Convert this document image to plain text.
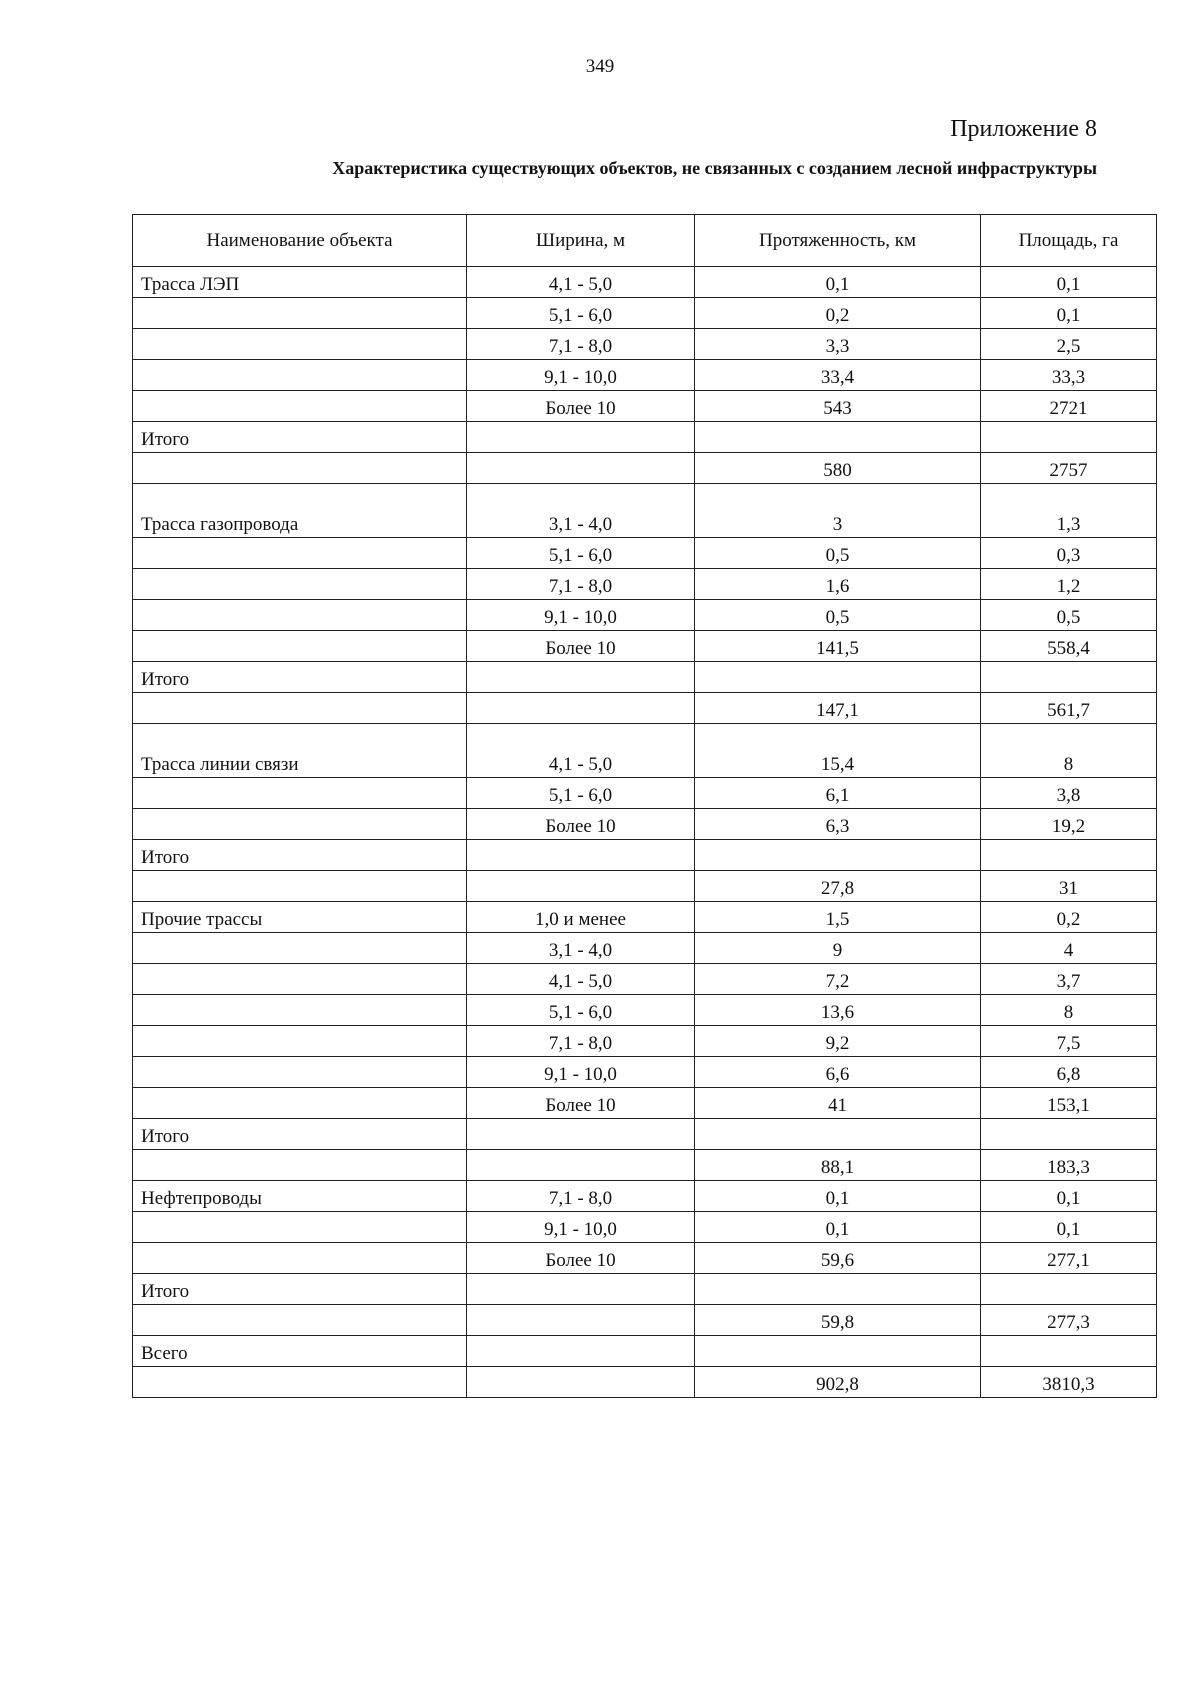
349
Приложение 8
Характеристика существующих объектов, не связанных с созданием лесной инфраструктуры
Наименование объекта	Ширина, м	Протяженность, км	Площадь, га
Трасса ЛЭП	4,1 - 5,0	0,1	0,1
	5,1 - 6,0	0,2	0,1
	7,1 - 8,0	3,3	2,5
	9,1 - 10,0	33,4	33,3
	Более 10	543	2721
Итого			
		580	2757
Трасса газопровода	3,1 - 4,0	3	1,3
	5,1 - 6,0	0,5	0,3
	7,1 - 8,0	1,6	1,2
	9,1 - 10,0	0,5	0,5
	Более 10	141,5	558,4
Итого			
		147,1	561,7
Трасса линии связи	4,1 - 5,0	15,4	8
	5,1 - 6,0	6,1	3,8
	Более 10	6,3	19,2
Итого			
		27,8	31
Прочие трассы	1,0 и менее	1,5	0,2
	3,1 - 4,0	9	4
	4,1 - 5,0	7,2	3,7
	5,1 - 6,0	13,6	8
	7,1 - 8,0	9,2	7,5
	9,1 - 10,0	6,6	6,8
	Более 10	41	153,1
Итого			
		88,1	183,3
Нефтепроводы	7,1 - 8,0	0,1	0,1
	9,1 - 10,0	0,1	0,1
	Более 10	59,6	277,1
Итого			
		59,8	277,3
Всего			
		902,8	3810,3
